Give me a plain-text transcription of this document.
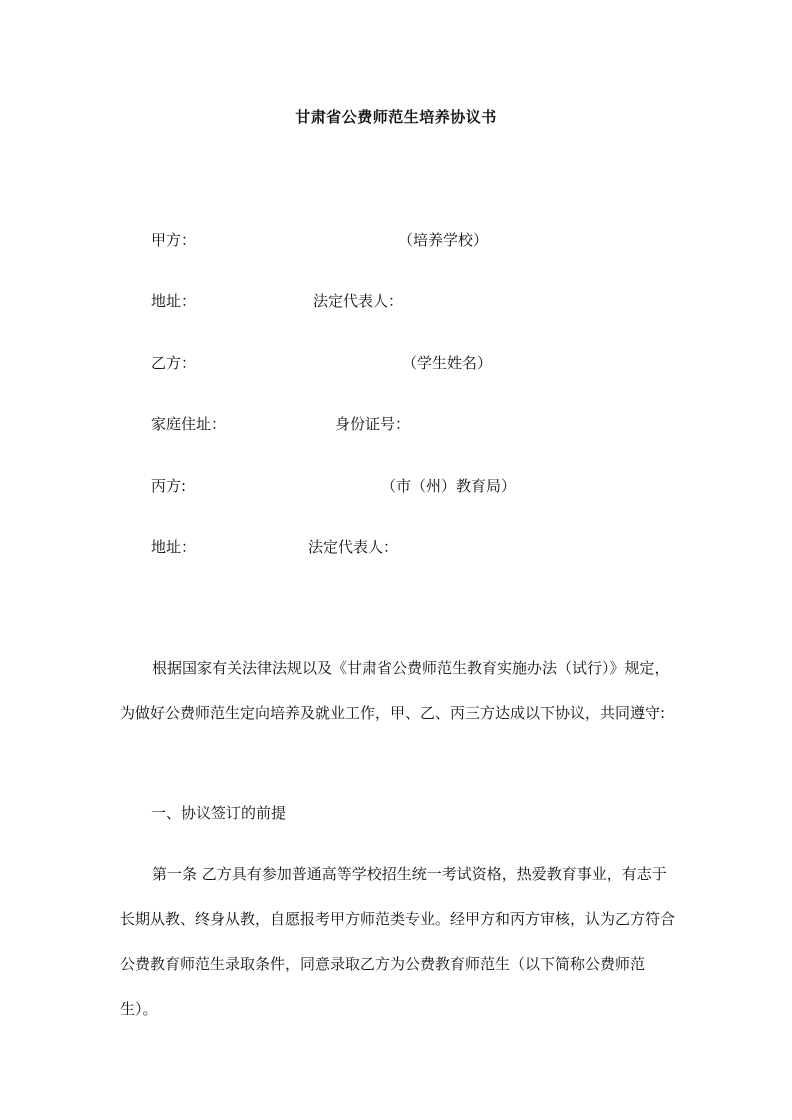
甘肃省公费师范生培养协议书
甲方：	（培养学校）
地址：	法定代表人：
乙方：	（学生姓名）
家庭住址：	身份证号：
丙方:	（市（州）教育局）
地址：	法定代表人：
根据国家有关法律法规以及《甘肃省公费师范生教育实施办法（试行）》规定，为做好公费师范生定向培养及就业工作，甲、乙、丙三方达成以下协议，共同遵守:
一、协议签订的前提
第一条 乙方具有参加普通高等学校招生统一考试资格，热爱教育事业，有志于长期从教、终身从教，自愿报考甲方师范类专业。经甲方和丙方审核，认为乙方符合公费教育师范生录取条件，同意录取乙方为公费教育师范生（以下简称公费师范生）。
